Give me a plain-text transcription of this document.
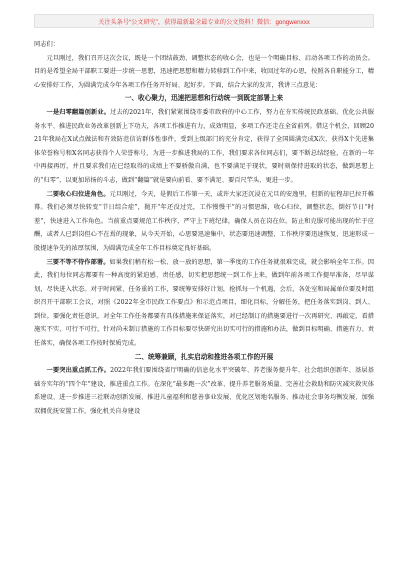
关注头条号“公文研究”，获得最新最全最专业的公文资料！微信：gongwenxxx

同志们：

元旦刚过，我们召开这次会议，既是一个团结鼓劲、调整状态的收心会，也是一个明确目标、启动各项工作的动员会。目的是希望全局干部职工要进一步统一思想，迅速把思想和精力转移到工作中来，收回过年的心思，按照各自职能分工，精心安排好工作，为圆满完成今年各项工作任务开好局、起好步。下面，结合大家的发言，我讲三点意见：

一、收心聚力，迅速把思想和行动统一到既定部署上来

一是归零翻篇创新业。过去的2021年，我们紧紧围绕市委市政府的中心工作，努力在夯实传统民政基础、优化公共服务水平、推进民政业务改革创新上下功夫，各项工作推进有力，成效明显，多项工作还走在全省前列。借这个机会，回顾2021年我局在Ⅹ试点做法和有效防范信访群体性事件，受到上级部门的充分肯定，获得了全国圆满完成X次、获得X个先进集体荣誉称号和X名同志获得个人荣誉称号，为进一步推进我局的工作，我们要求各位同志们，要不断总结经验，在新的一年中再接再厉，并且要求我们在已经取得的成绩上不要骄傲自满，也不要满足于现状，要时刻保持进取的状态，做到思想上的“归零”，以更加昂扬的斗志，做到“翻篇”就是要向前看、要不满足、要百尺竿头、更进一步。

二要收心归位进角色。元旦刚过，今天，是假后工作第一天，或许大家还沉浸在元旦的安逸里，但新的征程却已拉开帷幕。我们必须尽快转变“节日综合症”，抛开“年还没过完，工作慢慢干”的习惯思维，收心归位，调整状态，倒好节日“时差”，快速进入工作角色。当前重点要规范工作秩序，严守上下班纪律，确保人员在岗在位。防止和克服可能出现的忙于应酬，或者人已到岗但心不在焉的现象，从今天开始，心思要迅速集中，状态要迅速调整，工作秩序要迅速恢复，迅速形成一股提速争先的浓厚氛围，为圆满完成全年工作目标奠定良好基础。

三要不等不待作部署。如果我们稍有松一松、放一放的思想，第一季度的工作任务就很难完成，就会影响全年工作。因此，我们每位同志都要有一种高度的紧迫感、责任感，切实把思想统一到工作上来，做到年前各项工作提早准备，尽早谋划，尽快进入状态。对于时间紧、任务重的工作，要统筹安排好计划，抢抓每一个机遇，会后，各处室和局属单位要及时组织召开干部职工会议，对照《2022年全市民政工作要点》和示范点项目，细化目标，分解任务，把任务落实到岗、到人、到位。要强化责任意识，对全年工作任务都要有具体措施来保证落实，对已经制订的措施要进行一次再研究、再敲定，看措施实不实、可行不可行，针对尚未制订措施的工作目标要尽快研究出切实可行的措施和办法，做到目标明确、措施有力、责任落实，确保各项工作按时保质完成。

二、统筹兼顾，扎实启动和推进各项工作的开展

一要突出重点抓工作。2022年我们要围绕省厅明确的信息化水平突破年、养老服务提升年、社会组织创新年、基层基础夯实年的“四个年”建设，推进重点工作。在深化“最多跑一次”改革、提升养老服务质量、完善社会救助和防灾减灾救灾体系建设、进一步推进三社联动创新发展、推进儿童福利和慈善事业发展、优化区划地名服务、推动社会事务均衡发展、加强双拥优抚安置工作，强化机关自身建设
